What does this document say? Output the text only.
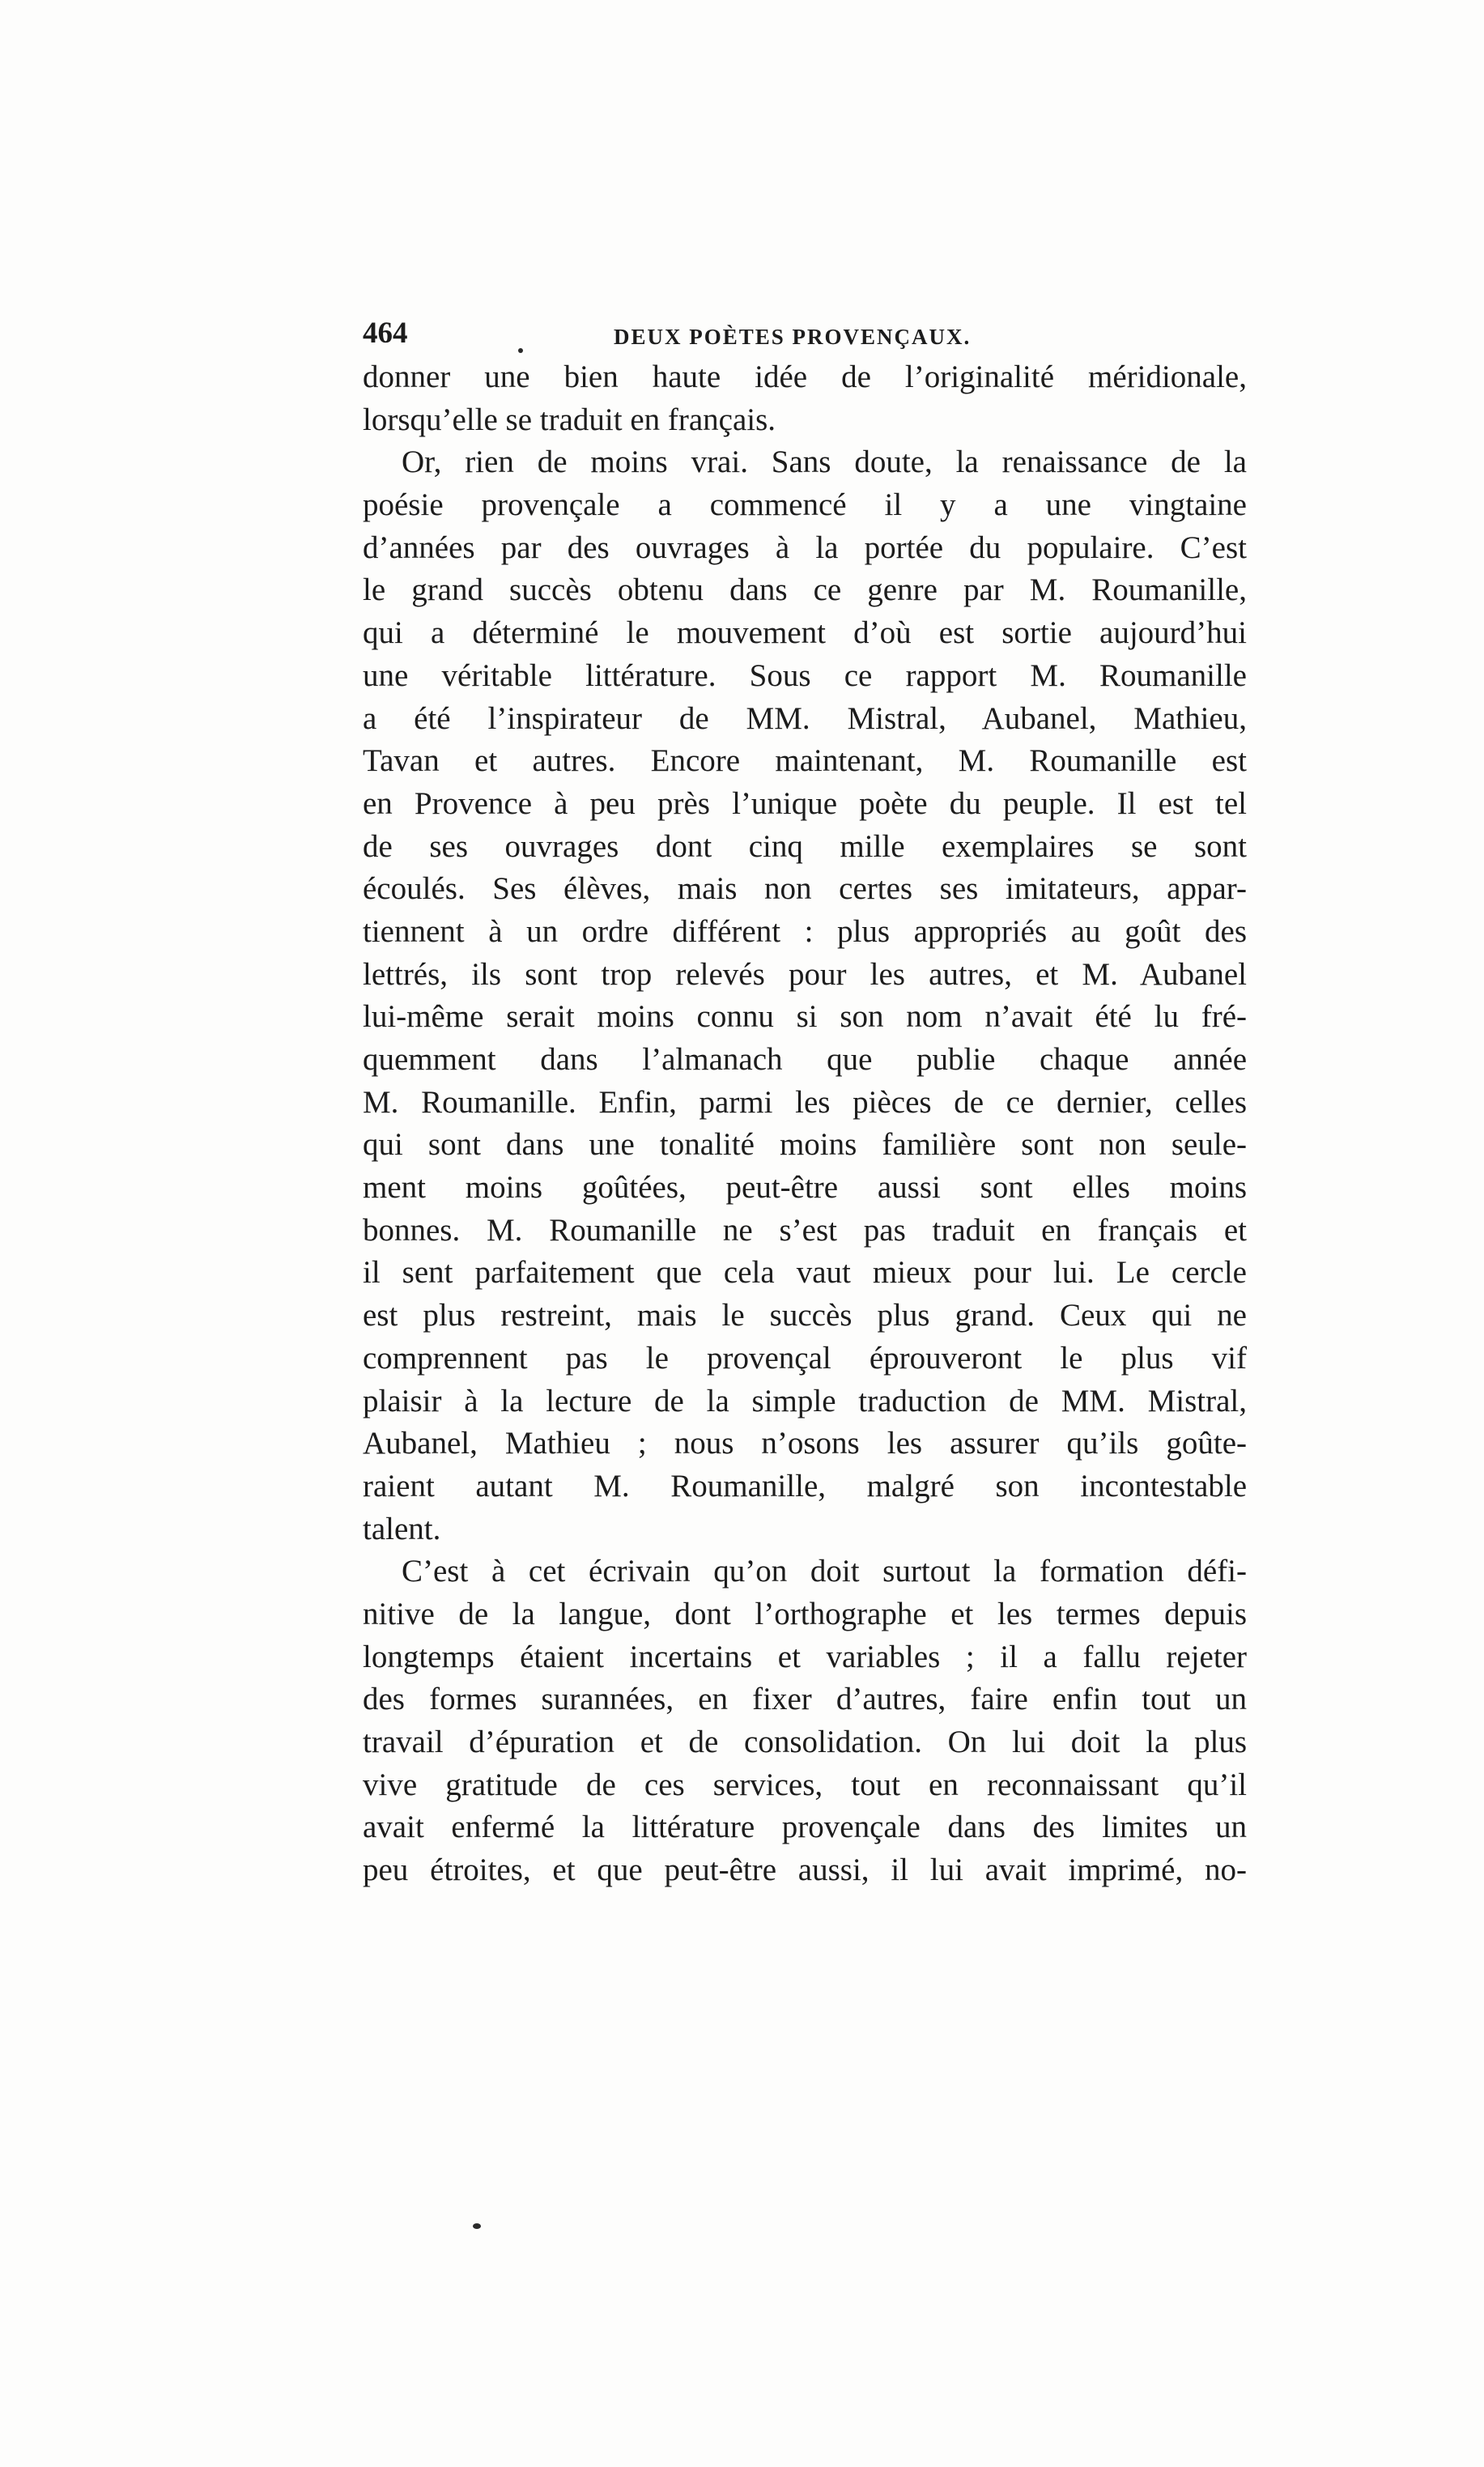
464	DEUX POÈTES PROVENÇAUX.
donner une bien haute idée de l’originalité méridionale,
lorsqu’elle se traduit en français.
Or, rien de moins vrai. Sans doute, la renaissance de la
poésie provençale a commencé il y a une vingtaine
d’années par des ouvrages à la portée du populaire. C’est
le grand succès obtenu dans ce genre par M. Roumanille,
qui a déterminé le mouvement d’où est sortie aujourd’hui
une véritable littérature. Sous ce rapport M. Roumanille
a été l’inspirateur de MM. Mistral, Aubanel, Mathieu,
Tavan et autres. Encore maintenant, M. Roumanille est
en Provence à peu près l’unique poète du peuple. Il est tel
de ses ouvrages dont cinq mille exemplaires se sont
écoulés. Ses élèves, mais non certes ses imitateurs, appar-
tiennent à un ordre différent : plus appropriés au goût des
lettrés, ils sont trop relevés pour les autres, et M. Aubanel
lui-même serait moins connu si son nom n’avait été lu fré-
quemment dans l’almanach que publie chaque année
M. Roumanille. Enfin, parmi les pièces de ce dernier, celles
qui sont dans une tonalité moins familière sont non seule-
ment moins goûtées, peut-être aussi sont elles moins
bonnes. M. Roumanille ne s’est pas traduit en français et
il sent parfaitement que cela vaut mieux pour lui. Le cercle
est plus restreint, mais le succès plus grand. Ceux qui ne
comprennent pas le provençal éprouveront le plus vif
plaisir à la lecture de la simple traduction de MM. Mistral,
Aubanel, Mathieu ; nous n’osons les assurer qu’ils goûte-
raient autant M. Roumanille, malgré son incontestable
talent.
C’est à cet écrivain qu’on doit surtout la formation défi-
nitive de la langue, dont l’orthographe et les termes depuis
longtemps étaient incertains et variables ; il a fallu rejeter
des formes surannées, en fixer d’autres, faire enfin tout un
travail d’épuration et de consolidation. On lui doit la plus
vive gratitude de ces services, tout en reconnaissant qu’il
avait enfermé la littérature provençale dans des limites un
peu étroites, et que peut-être aussi, il lui avait imprimé, no-
